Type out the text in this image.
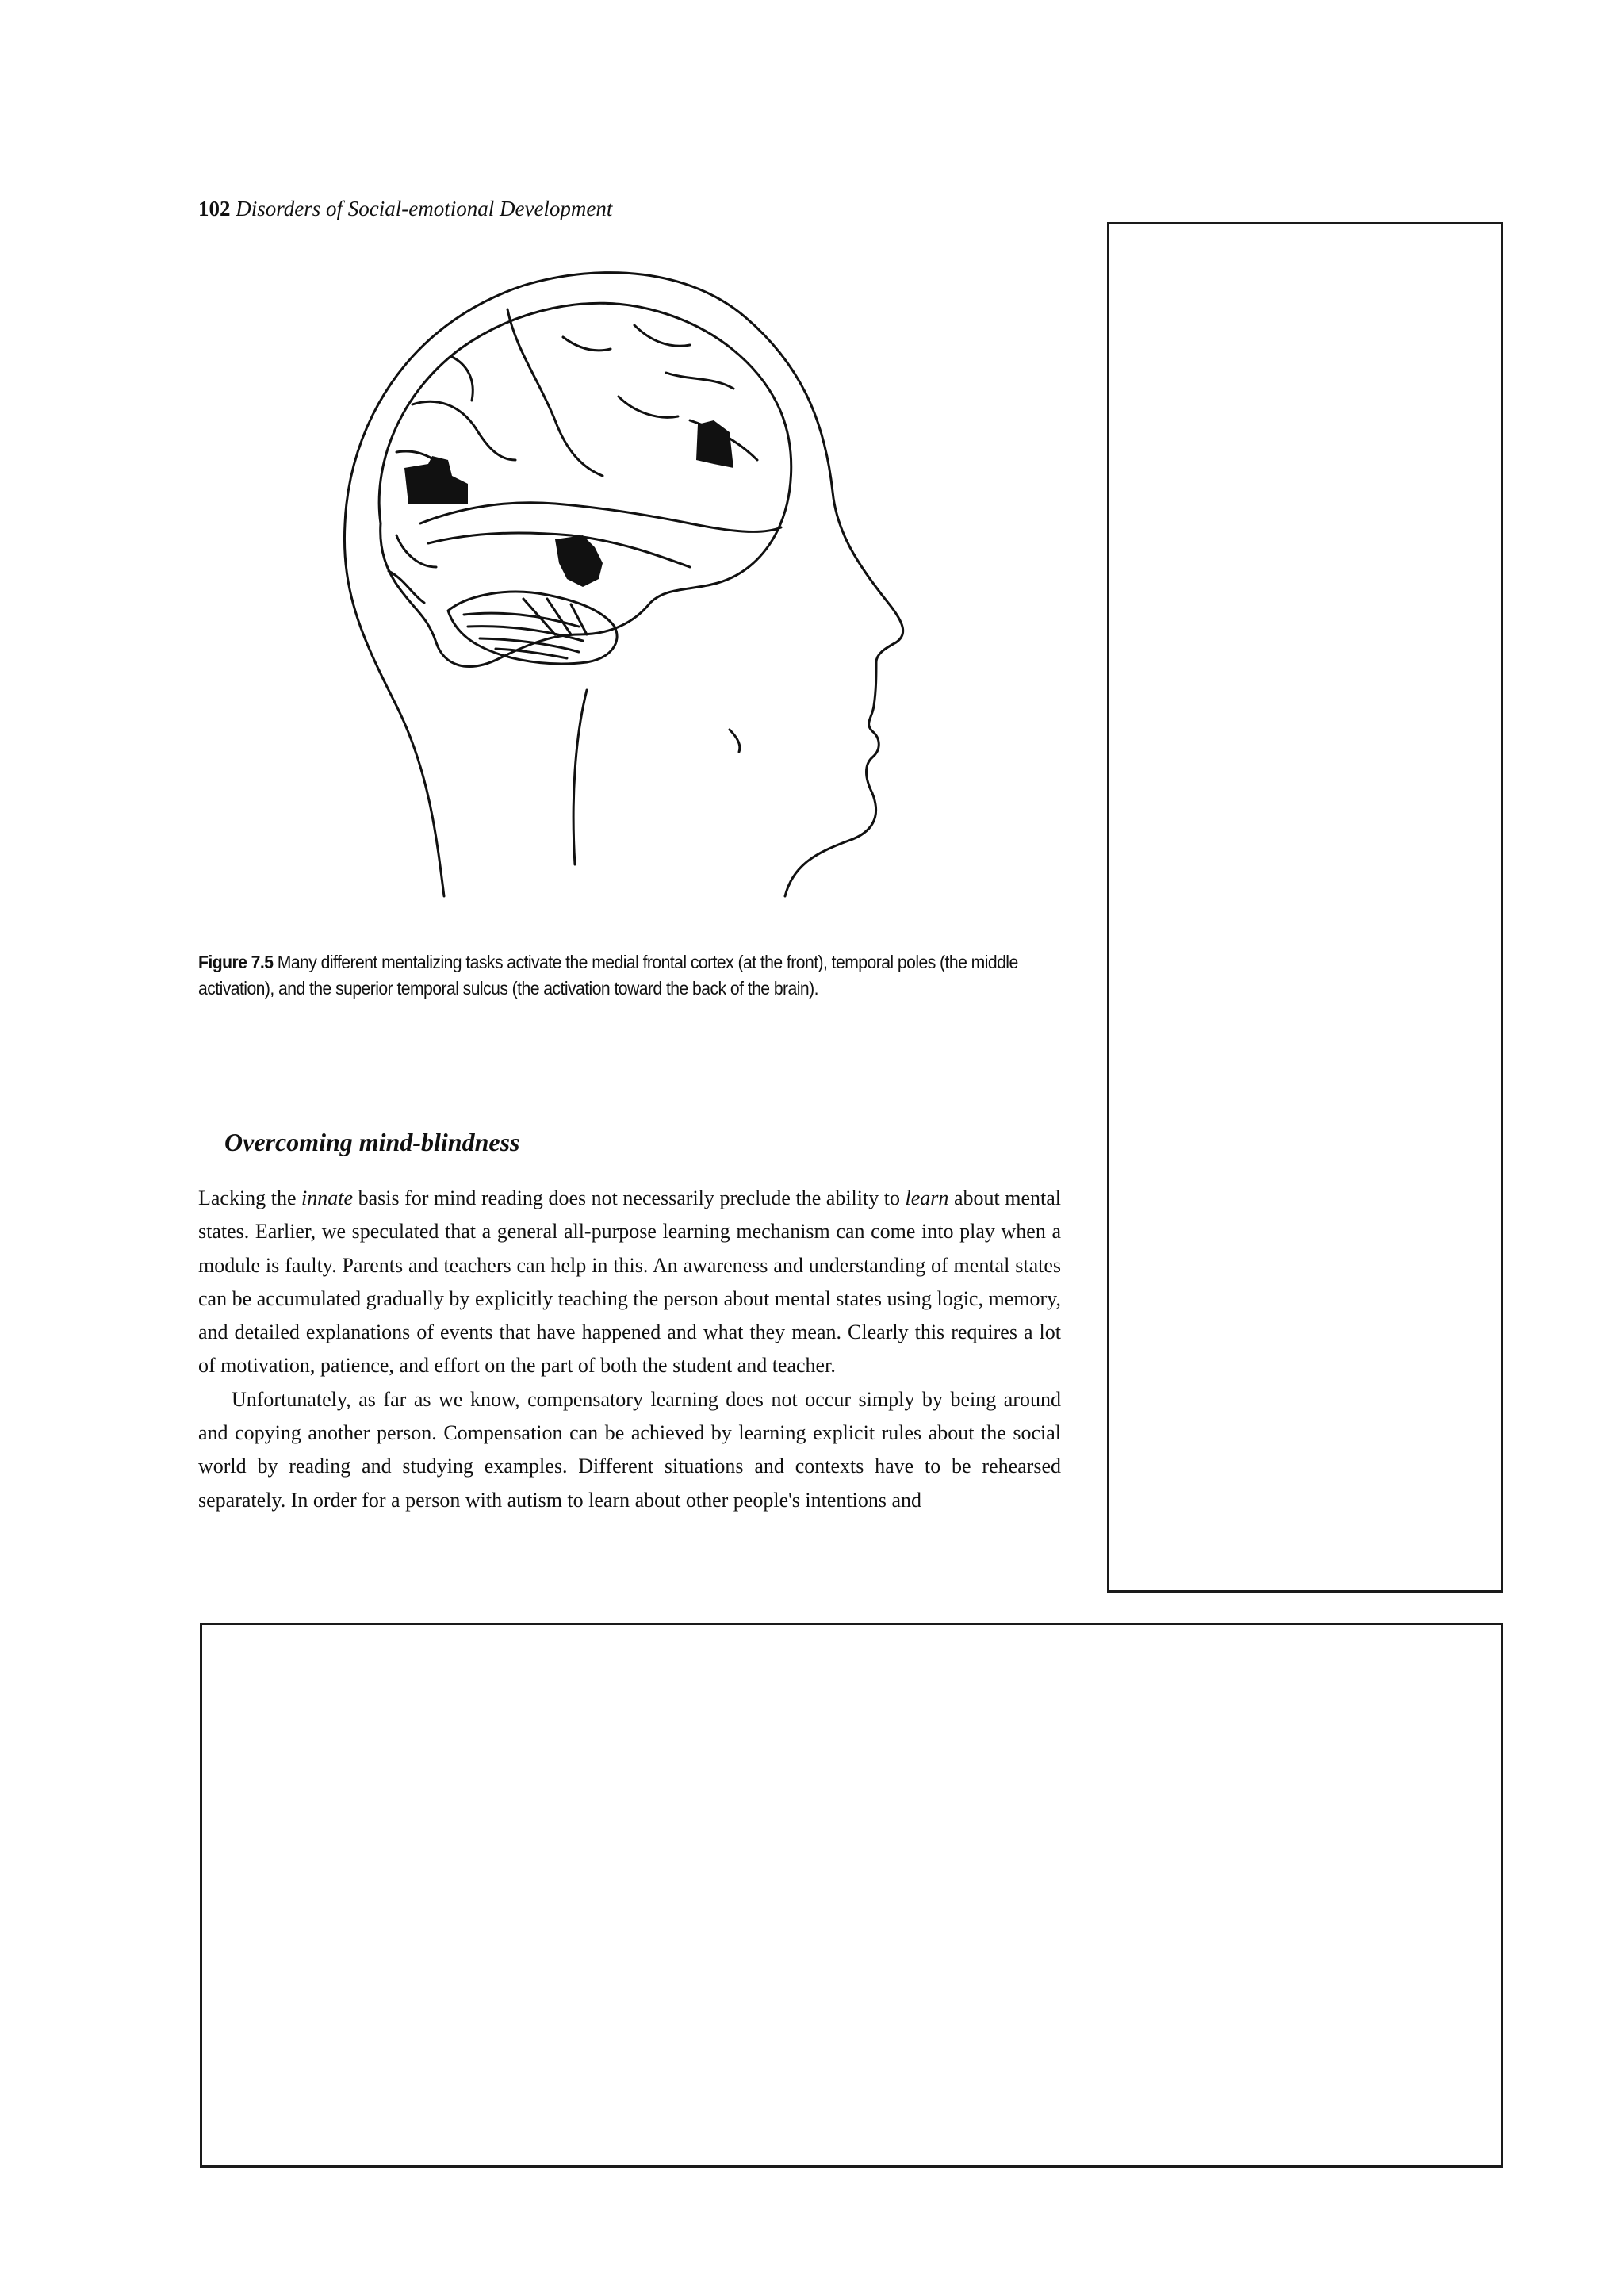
102 Disorders of Social-emotional Development
Figure 7.5 Many different mentalizing tasks activate the medial frontal cortex (at the front), temporal poles (the middle activation), and the superior temporal sulcus (the activation toward the back of the brain).
Overcoming mind-blindness

Lacking the innate basis for mind reading does not necessarily preclude the ability to learn about mental states. Earlier, we speculated that a general all-purpose learning mechanism can come into play when a module is faulty. Parents and teachers can help in this. An awareness and understanding of mental states can be accumulated gradually by explicitly teaching the person about mental states using logic, memory, and detailed explanations of events that have happened and what they mean. Clearly this requires a lot of motivation, patience, and effort on the part of both the student and teacher.

Unfortunately, as far as we know, compensatory learning does not occur simply by being around and copying another person. Compensation can be achieved by learning explicit rules about the social world by reading and studying examples. Different situations and contexts have to be rehearsed separately. In order for a person with autism to learn about other people's intentions and
